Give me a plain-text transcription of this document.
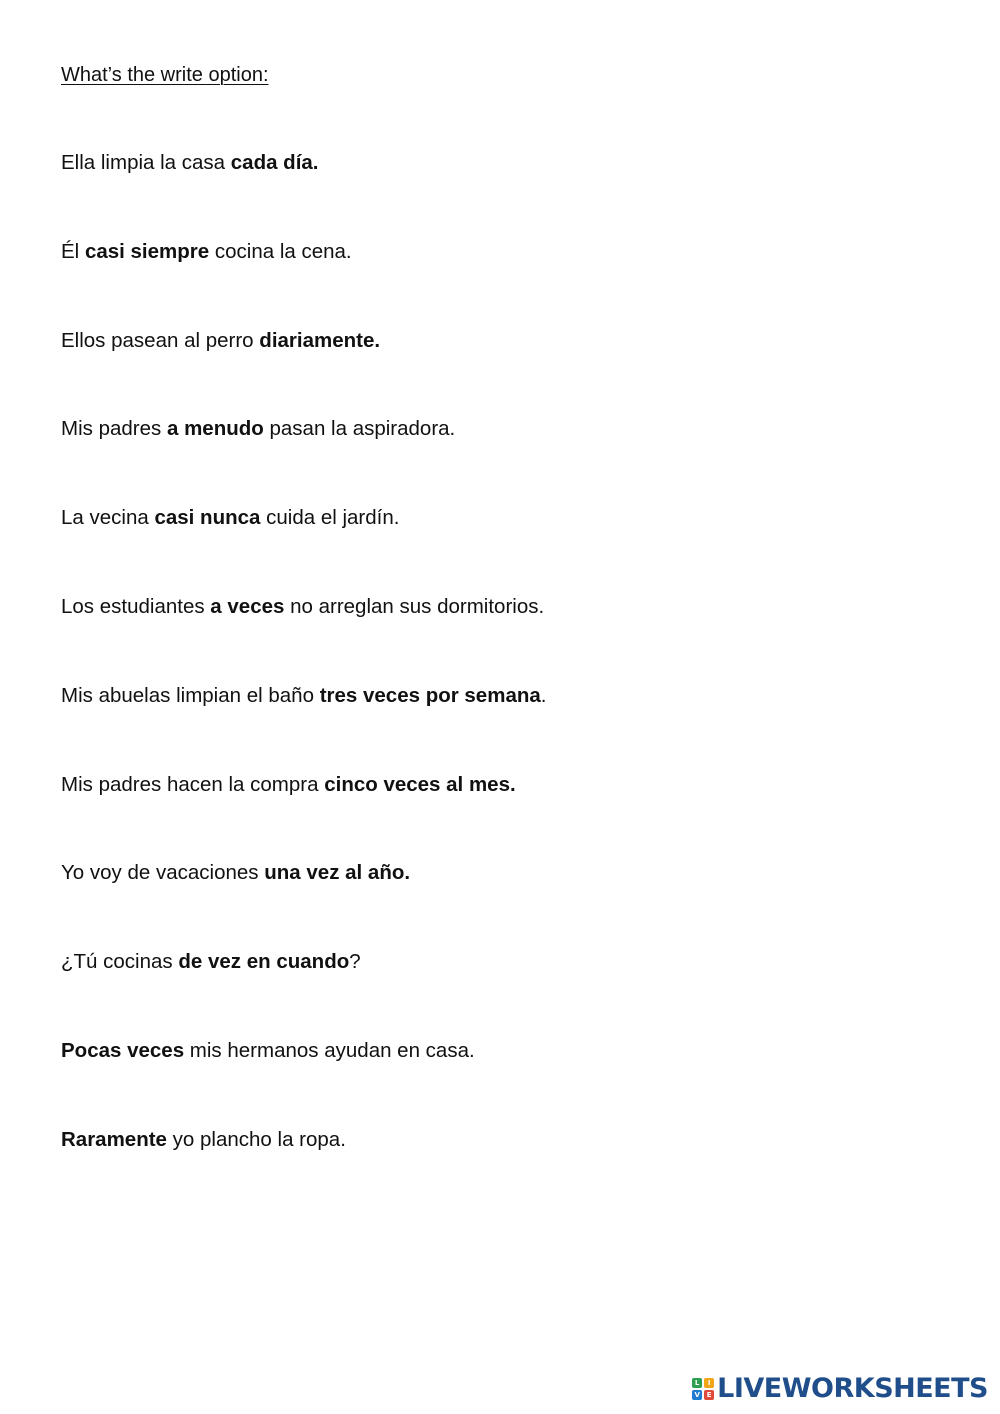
What’s the write option:

Ella limpia la casa cada día.
Él casi siempre cocina la cena.
Ellos pasean al perro diariamente.
Mis padres a menudo pasan la aspiradora.
La vecina casi nunca cuida el jardín.
Los estudiantes a veces no arreglan sus dormitorios.
Mis abuelas limpian el baño tres veces por semana.
Mis padres hacen la compra cinco veces al mes.
Yo voy de vacaciones una vez al año.
¿Tú cocinas de vez en cuando?
Pocas veces mis hermanos ayudan en casa.
Raramente yo plancho la ropa.
L	I
V E LIVEWORKSHEETS
